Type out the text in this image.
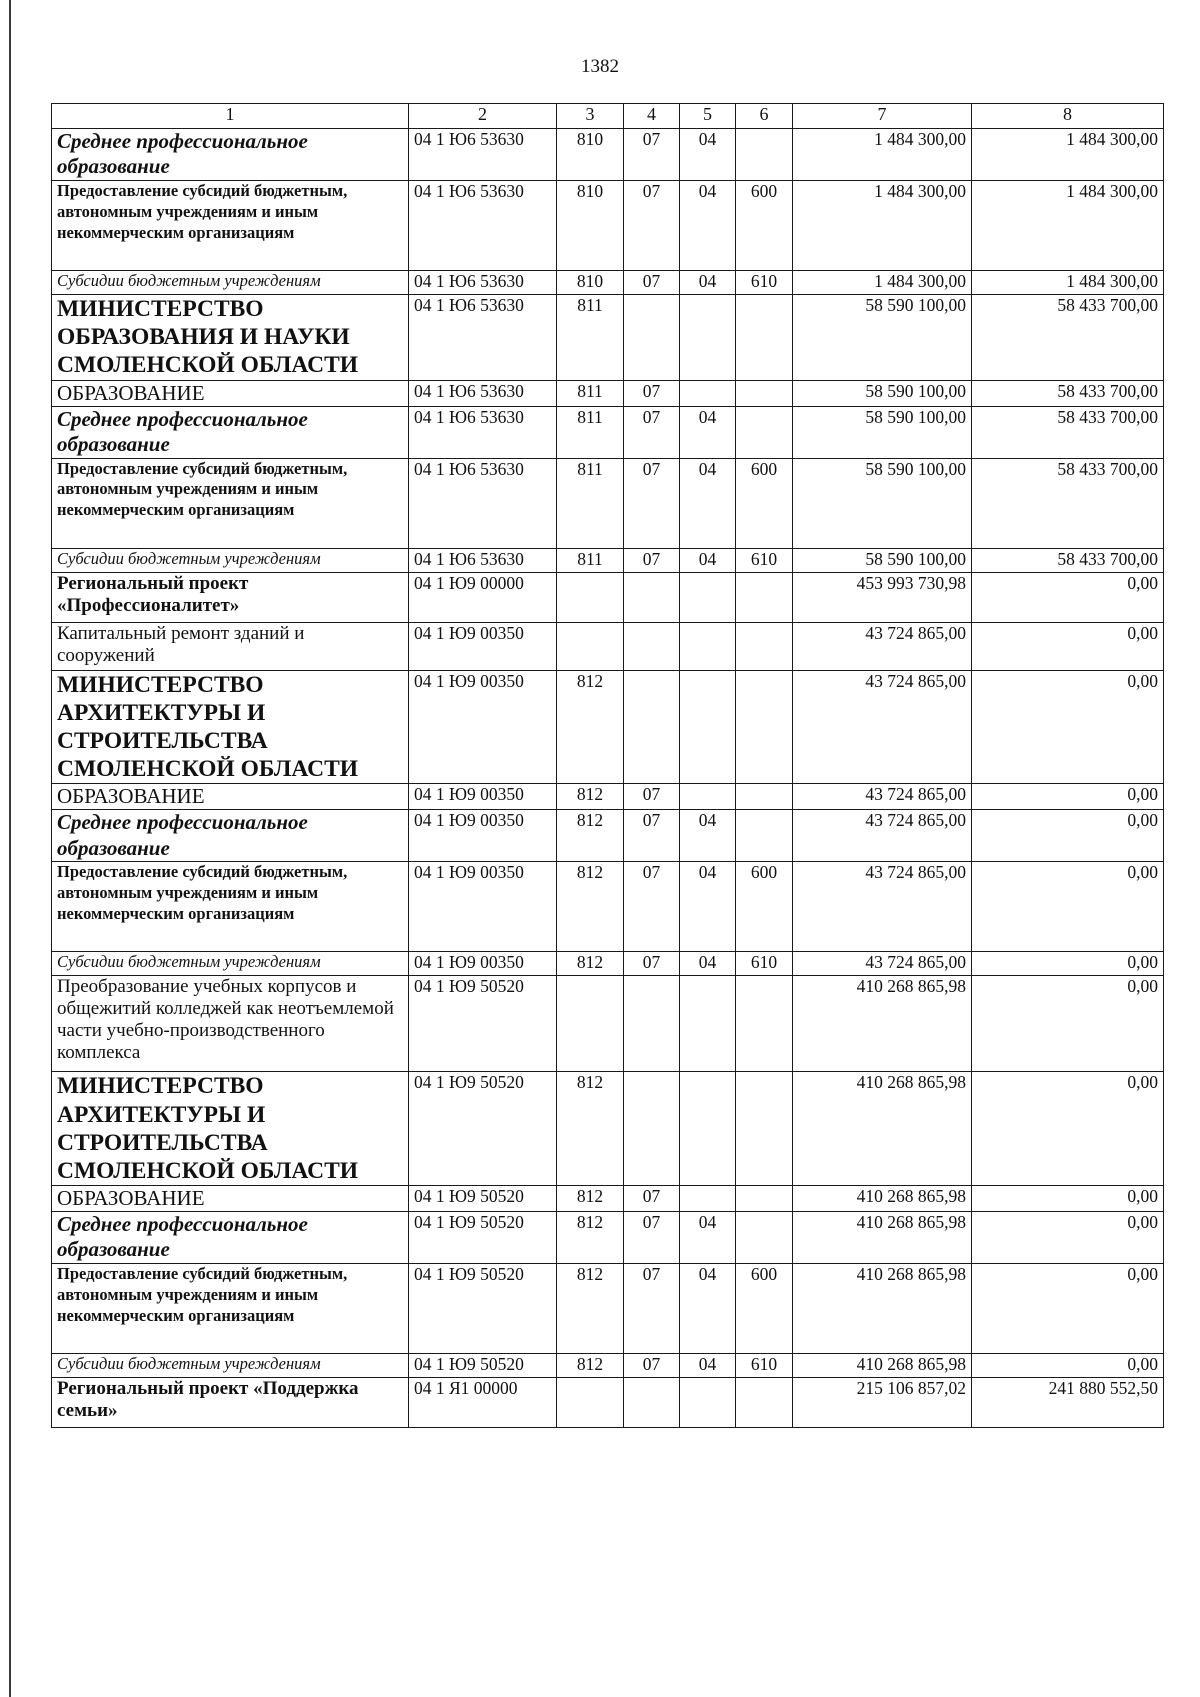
1382
1	2	3	4	5	6	7	8
Среднее профессиональное образование	04 1 Ю6 53630	810	07	04		1 484 300,00	1 484 300,00
Предоставление субсидий бюджетным, автономным учреждениям и иным некоммерческим организациям	04 1 Ю6 53630	810	07	04	600	1 484 300,00	1 484 300,00
Субсидии бюджетным учреждениям	04 1 Ю6 53630	810	07	04	610	1 484 300,00	1 484 300,00
МИНИСТЕРСТВО ОБРАЗОВАНИЯ И НАУКИ СМОЛЕНСКОЙ ОБЛАСТИ	04 1 Ю6 53630	811				58 590 100,00	58 433 700,00
ОБРАЗОВАНИЕ	04 1 Ю6 53630	811	07			58 590 100,00	58 433 700,00
Среднее профессиональное образование	04 1 Ю6 53630	811	07	04		58 590 100,00	58 433 700,00
Предоставление субсидий бюджетным, автономным учреждениям и иным некоммерческим организациям	04 1 Ю6 53630	811	07	04	600	58 590 100,00	58 433 700,00
Субсидии бюджетным учреждениям	04 1 Ю6 53630	811	07	04	610	58 590 100,00	58 433 700,00
Региональный проект «Профессионалитет»	04 1 Ю9 00000					453 993 730,98	0,00
Капитальный ремонт зданий и сооружений	04 1 Ю9 00350					43 724 865,00	0,00
МИНИСТЕРСТВО АРХИТЕКТУРЫ И СТРОИТЕЛЬСТВА СМОЛЕНСКОЙ ОБЛАСТИ	04 1 Ю9 00350	812				43 724 865,00	0,00
ОБРАЗОВАНИЕ	04 1 Ю9 00350	812	07			43 724 865,00	0,00
Среднее профессиональное образование	04 1 Ю9 00350	812	07	04		43 724 865,00	0,00
Предоставление субсидий бюджетным, автономным учреждениям и иным некоммерческим организациям	04 1 Ю9 00350	812	07	04	600	43 724 865,00	0,00
Субсидии бюджетным учреждениям	04 1 Ю9 00350	812	07	04	610	43 724 865,00	0,00
Преобразование учебных корпусов и общежитий колледжей как неотъемлемой части учебно-производственного комплекса	04 1 Ю9 50520					410 268 865,98	0,00
МИНИСТЕРСТВО АРХИТЕКТУРЫ И СТРОИТЕЛЬСТВА СМОЛЕНСКОЙ ОБЛАСТИ	04 1 Ю9 50520	812				410 268 865,98	0,00
ОБРАЗОВАНИЕ	04 1 Ю9 50520	812	07			410 268 865,98	0,00
Среднее профессиональное образование	04 1 Ю9 50520	812	07	04		410 268 865,98	0,00
Предоставление субсидий бюджетным, автономным учреждениям и иным некоммерческим организациям	04 1 Ю9 50520	812	07	04	600	410 268 865,98	0,00
Субсидии бюджетным учреждениям	04 1 Ю9 50520	812	07	04	610	410 268 865,98	0,00
Региональный проект «Поддержка семьи»	04 1 Я1 00000					215 106 857,02	241 880 552,50
